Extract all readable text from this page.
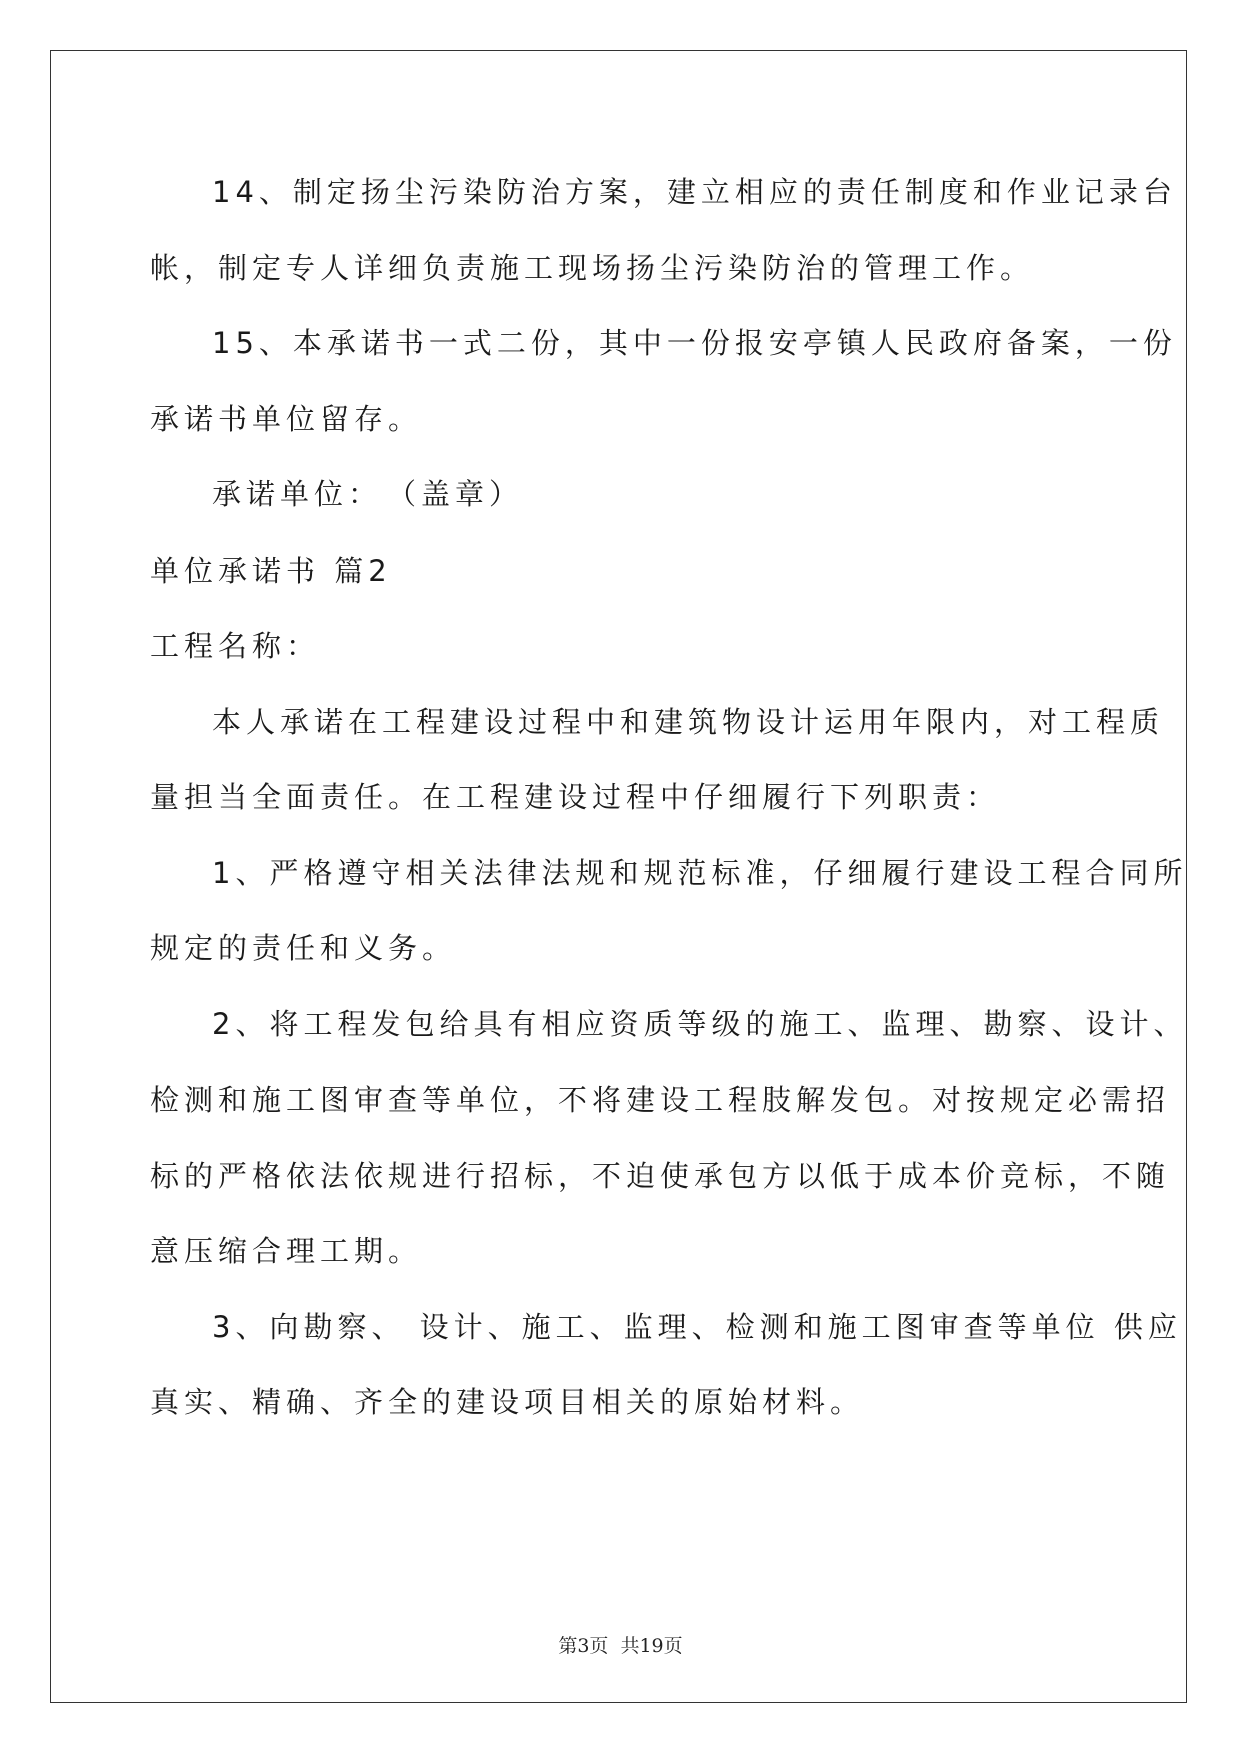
14、制定扬尘污染防治方案，建立相应的责任制度和作业记录台
帐，制定专人详细负责施工现场扬尘污染防治的管理工作。
15、本承诺书一式二份，其中一份报安亭镇人民政府备案，一份
承诺书单位留存。
承诺单位：　（盖章）
单位承诺书 篇2
工程名称：
本人承诺在工程建设过程中和建筑物设计运用年限内，对工程质
量担当全面责任。在工程建设过程中仔细履行下列职责：
1、严格遵守相关法律法规和规范标准，仔细履行建设工程合同所
规定的责任和义务。
2、将工程发包给具有相应资质等级的施工、监理、勘察、设计、
检测和施工图审查等单位，不将建设工程肢解发包。对按规定必需招
标的严格依法依规进行招标，不迫使承包方以低于成本价竞标，不随
意压缩合理工期。
3、向勘察、 设计、施工、监理、检测和施工图审查等单位 供应
真实、精确、齐全的建设项目相关的原始材料。
第3页 共19页
